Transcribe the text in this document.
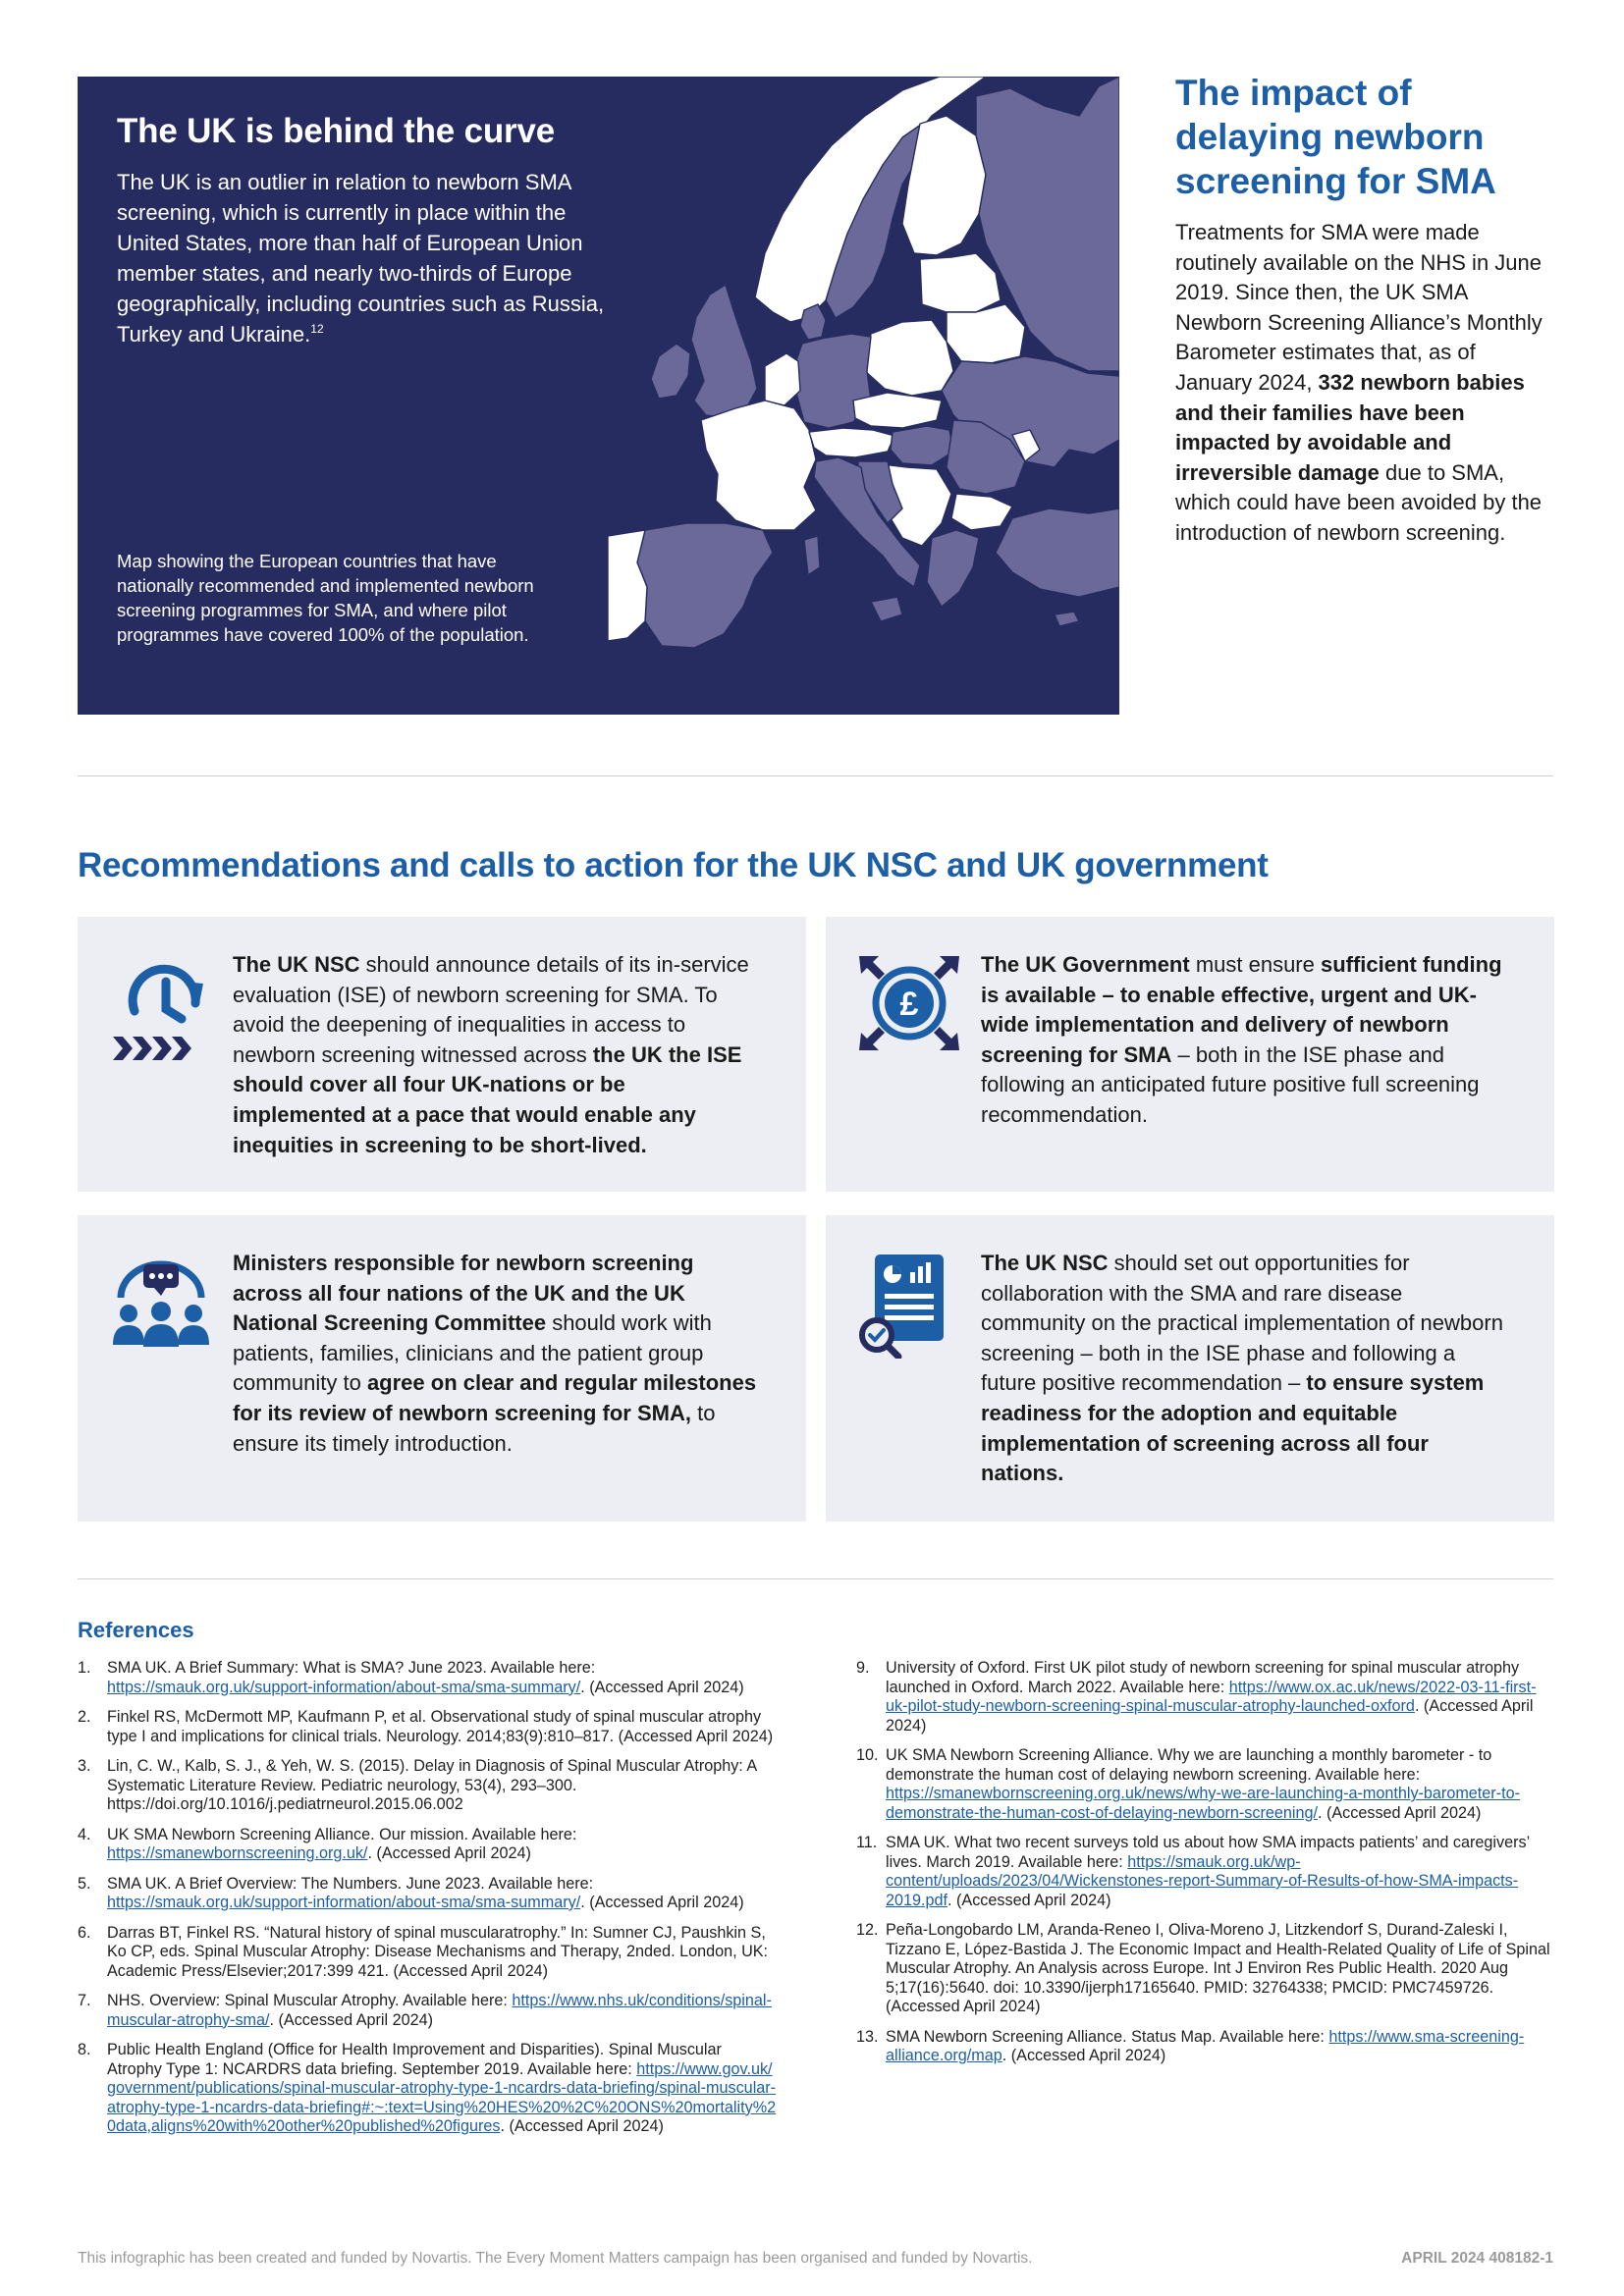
The UK is behind the curve
The UK is an outlier in relation to newborn SMA screening, which is currently in place within the United States, more than half of European Union member states, and nearly two-thirds of Europe geographically, including countries such as Russia, Turkey and Ukraine.$^{12}$
Map showing the European countries that have nationally recommended and implemented newborn screening programmes for SMA, and where pilot programmes have covered 100% of the population.
The impact of delaying newborn screening for SMA
Treatments for SMA were made routinely available on the NHS in June 2019. Since then, the UK SMA Newborn Screening Alliance’s Monthly Barometer estimates that, as of January 2024, 332 newborn babies and their families have been impacted by avoidable and irreversible damage due to SMA, which could have been avoided by the introduction of newborn screening.
Recommendations and calls to action for the UK NSC and UK government
The UK NSC should announce details of its in-service evaluation (ISE) of newborn screening for SMA. To avoid the deepening of inequalities in access to newborn screening witnessed across the UK the ISE should cover all four UK-nations or be implemented at a pace that would enable any inequities in screening to be short-lived.
£
The UK Government must ensure sufficient funding is available – to enable effective, urgent and UK-wide implementation and delivery of newborn screening for SMA – both in the ISE phase and following an anticipated future positive full screening recommendation.
Ministers responsible for newborn screening across all four nations of the UK and the UK National Screening Committee should work with patients, families, clinicians and the patient group community to agree on clear and regular milestones for its review of newborn screening for SMA, to ensure its timely introduction.
The UK NSC should set out opportunities for collaboration with the SMA and rare disease community on the practical implementation of newborn screening – both in the ISE phase and following a future positive recommendation – to ensure system readiness for the adoption and equitable implementation of screening across all four nations.
References
1. SMA UK. A Brief Summary: What is SMA? June 2023. Available here: https://smauk.org.uk/support-information/about-sma/sma-summary/. (Accessed April 2024)
2. Finkel RS, McDermott MP, Kaufmann P, et al. Observational study of spinal muscular atrophy type I and implications for clinical trials. Neurology. 2014;83(9):810–817. (Accessed April 2024)
3. Lin, C. W., Kalb, S. J., & Yeh, W. S. (2015). Delay in Diagnosis of Spinal Muscular Atrophy: A Systematic Literature Review. Pediatric neurology, 53(4), 293–300. https://doi.org/10.1016/j.pediatrneurol.2015.06.002
4. UK SMA Newborn Screening Alliance. Our mission. Available here: https://smanewbornscreening.org.uk/. (Accessed April 2024)
5. SMA UK. A Brief Overview: The Numbers. June 2023. Available here: https://smauk.org.uk/support-information/about-sma/sma-summary/. (Accessed April 2024)
6. Darras BT, Finkel RS. “Natural history of spinal muscularatrophy.” In: Sumner CJ, Paushkin S, Ko CP, eds. Spinal Muscular Atrophy: Disease Mechanisms and Therapy, 2nded. London, UK: Academic Press/Elsevier;2017:399 421. (Accessed April 2024)
7. NHS. Overview: Spinal Muscular Atrophy. Available here: https://www.nhs.uk/conditions/spinal-muscular-atrophy-sma/. (Accessed April 2024)
8. Public Health England (Office for Health Improvement and Disparities). Spinal Muscular Atrophy Type 1: NCARDRS data briefing. September 2019. Available here: https://www.gov.uk/government/publications/spinal-muscular-atrophy-type-1-ncardrs-data-briefing/spinal-muscular-atrophy-type-1-ncardrs-data-briefing#:~:text=Using%20HES%20%2C%20ONS%20mortality%20data,aligns%20with%20other%20published%20figures. (Accessed April 2024)
9. University of Oxford. First UK pilot study of newborn screening for spinal muscular atrophy launched in Oxford. March 2022. Available here: https://www.ox.ac.uk/news/2022-03-11-first-uk-pilot-study-newborn-screening-spinal-muscular-atrophy-launched-oxford. (Accessed April 2024)
10. UK SMA Newborn Screening Alliance. Why we are launching a monthly barometer - to demonstrate the human cost of delaying newborn screening. Available here: https://smanewbornscreening.org.uk/news/why-we-are-launching-a-monthly-barometer-to-demonstrate-the-human-cost-of-delaying-newborn-screening/. (Accessed April 2024)
11. SMA UK. What two recent surveys told us about how SMA impacts patients’ and caregivers’ lives. March 2019. Available here: https://smauk.org.uk/wp-content/uploads/2023/04/Wickenstones-report-Summary-of-Results-of-how-SMA-impacts-2019.pdf. (Accessed April 2024)
12. Peña-Longobardo LM, Aranda-Reneo I, Oliva-Moreno J, Litzkendorf S, Durand-Zaleski I, Tizzano E, López-Bastida J. The Economic Impact and Health-Related Quality of Life of Spinal Muscular Atrophy. An Analysis across Europe. Int J Environ Res Public Health. 2020 Aug 5;17(16):5640. doi: 10.3390/ijerph17165640. PMID: 32764338; PMCID: PMC7459726. (Accessed April 2024)
13. SMA Newborn Screening Alliance. Status Map. Available here: https://www.sma-screening-alliance.org/map. (Accessed April 2024)
This infographic has been created and funded by Novartis. The Every Moment Matters campaign has been organised and funded by Novartis.	APRIL 2024 408182-1
